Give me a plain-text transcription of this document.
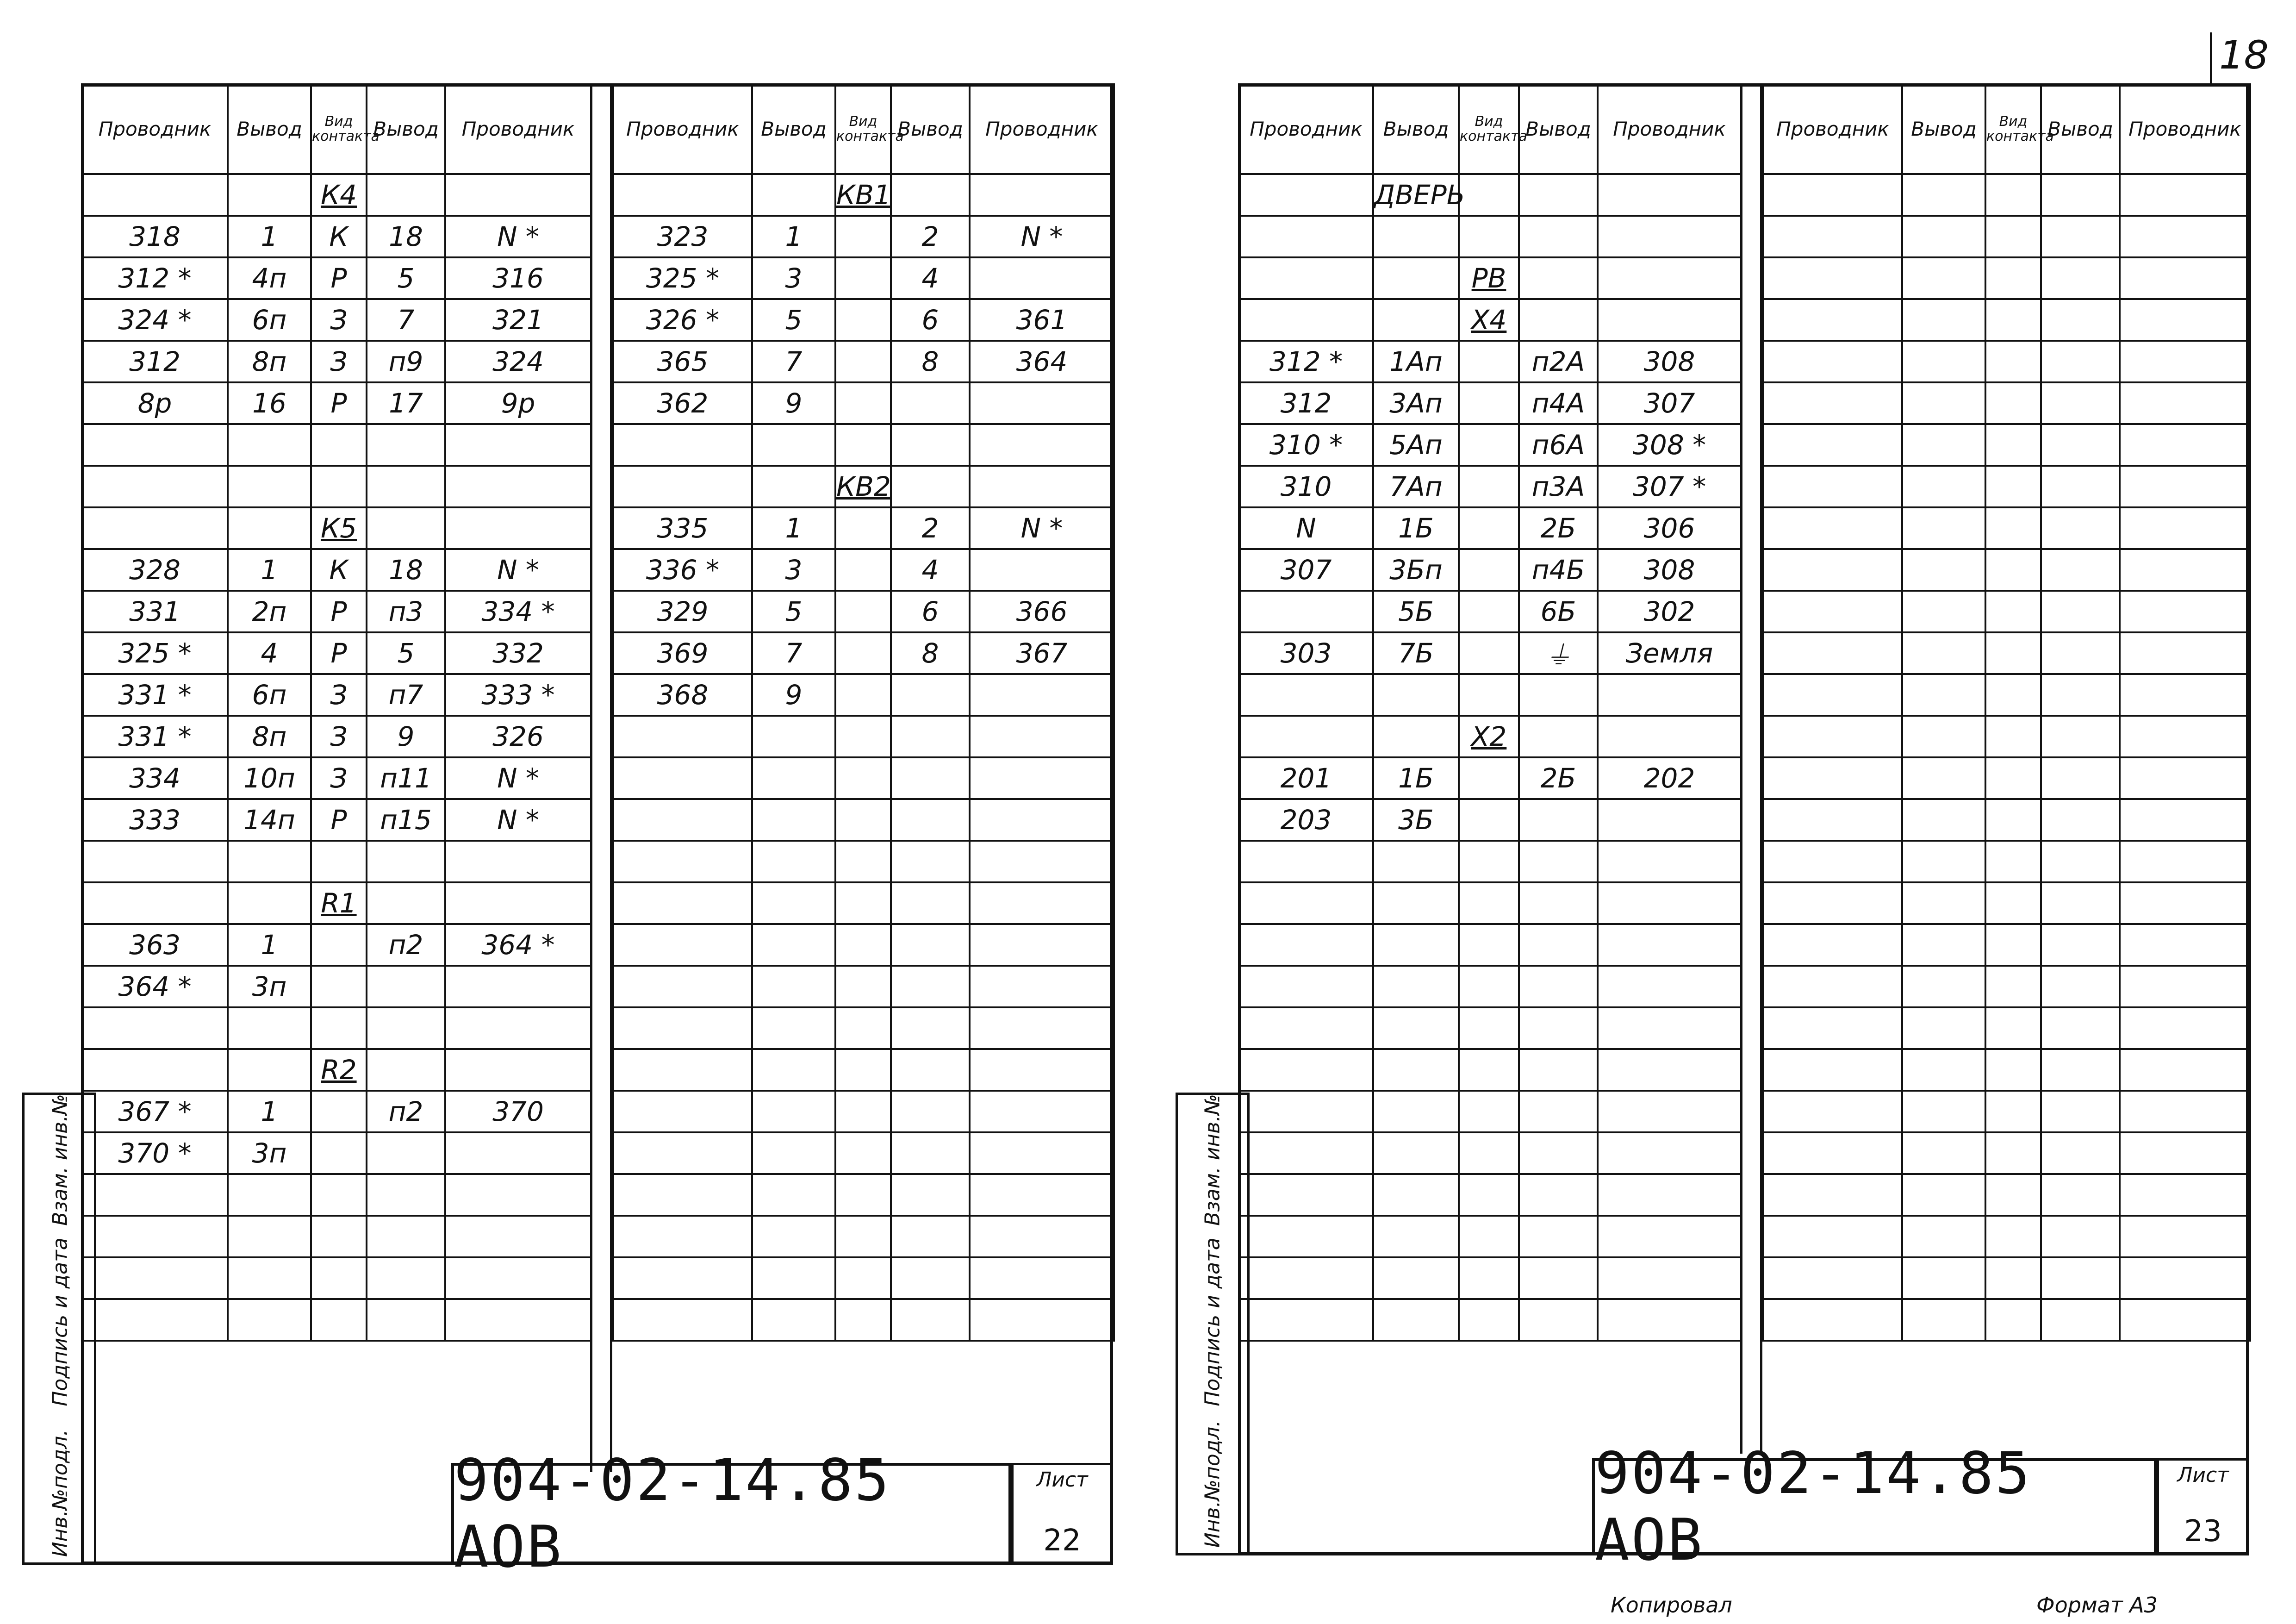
18
Инв.№подл.
Подпись и дата
Взам. инв.№
Проводник	Вывод	Вид контакта	Вывод	Проводник
		К4		
318	1	К	18	N *
312 *	4п	Р	5	316
324 *	6п	З	7	321
312	8п	З	п9	324
8р	16	Р	17	9р

		К5		
328	1	К	18	N *
331	2п	Р	п3	334 *
325 *	4	Р	5	332
331 *	6п	З	п7	333 *
331 *	8п	З	9	326
334	10п	З	п11	N *
333	14п	Р	п15	N *

		R1		
363	1		п2	364 *
364 *	3п			

		R2		
367 *	1		п2	370
370 *	3п			

Проводник	Вывод	Вид контакта	Вывод	Проводник
		КВ1		
323	1		2	N *
325 *	3		4	
326 *	5		6	361
365	7		8	364
362	9			

		КВ2		
335	1		2	N *
336 *	3		4	
329	5		6	366
369	7		8	367
368	9			

904-02-14.85 АОВ
Лист
22	Инв.№подл.
Подпись и дата
Взам. инв.№
Проводник	Вывод	Вид контакта	Вывод	Проводник
	ДВЕРЬ			

		РВ		
		Х4		
312 *	1Ап		п2А	308
312	3Ап		п4А	307
310 *	5Ап		п6А	308 *
310	7Ап		п3А	307 *
N	1Б		2Б	306
307	3Бп		п4Б	308
	5Б		6Б	302
303	7Б		⏚	Земля

		Х2		
201	1Б		2Б	202
203	3Б			

Проводник	Вывод	Вид контакта	Вывод	Проводник

904-02-14.85 АОВ
Лист
23
Копировал	Формат А3
